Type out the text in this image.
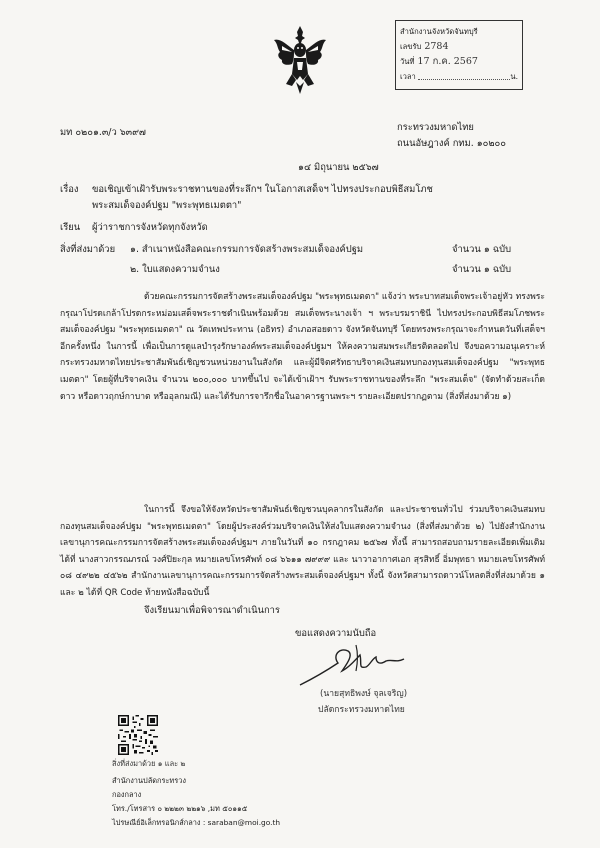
สำนักงานจังหวัดจันทบุรี
เลขรับ 2784
วันที่ 17 ก.ค. 2567
เวลา	น.
มท ๐๒๐๑.๓/ว ๖๓๙๗	กระทรวงมหาดไทย
ถนนอัษฎางค์ กทม. ๑๐๒๐๐
๑๔ มิถุนายน ๒๕๖๗
เรื่อง ขอเชิญเข้าเฝ้ารับพระราชทานของที่ระลึกฯ ในโอกาสเสด็จฯ ไปทรงประกอบพิธีสมโภช
พระสมเด็จองค์ปฐม "พระพุทธเมตตา"
เรียน ผู้ว่าราชการจังหวัดทุกจังหวัด
สิ่งที่ส่งมาด้วย ๑. สำเนาหนังสือคณะกรรมการจัดสร้างพระสมเด็จองค์ปฐม	จำนวน ๑ ฉบับ
๒. ใบแสดงความจำนง	จำนวน ๑ ฉบับ

ด้วยคณะกรรมการจัดสร้างพระสมเด็จองค์ปฐม "พระพุทธเมตตา" แจ้งว่า พระบาทสมเด็จพระเจ้าอยู่หัว ทรงพระกรุณาโปรดเกล้าโปรดกระหม่อมเสด็จพระราชดำเนินพร้อมด้วย สมเด็จพระนางเจ้า ฯ พระบรมราชินี ไปทรงประกอบพิธีสมโภชพระสมเด็จองค์ปฐม "พระพุทธเมตตา" ณ วัดเทพประทาน (อธิทร) อำเภอสอยดาว จังหวัดจันทบุรี โดยทรงพระกรุณาจะกำหนดวันที่เสด็จฯ อีกครั้งหนึ่ง ในการนี้ เพื่อเป็นการดูแลบำรุงรักษาองค์พระสมเด็จองค์ปฐมฯ ให้คงความสมพระเกียรติตลอดไป จึงขอความอนุเคราะห์กระทรวงมหาดไทยประชาสัมพันธ์เชิญชวนหน่วยงานในสังกัด และผู้มีจิตศรัทธาบริจาคเงินสมทบกองทุนสมเด็จองค์ปฐม "พระพุทธเมตตา" โดยผู้ที่บริจาคเงิน จำนวน ๒๐๐,๐๐๐ บาทขึ้นไป จะได้เข้าเฝ้าฯ รับพระราชทานของที่ระลึก "พระสมเด็จ" (จัดทำด้วยสะเก็ดดาว หรือดาวฤกษ์กาบาต หรืออุลกมณี) และได้รับการจารึกชื่อในอาคารฐานพระฯ รายละเอียดปรากฏตาม (สิ่งที่ส่งมาด้วย ๑)

ในการนี้ จึงขอให้จังหวัดประชาสัมพันธ์เชิญชวนบุคลากรในสังกัด และประชาชนทั่วไป ร่วมบริจาคเงินสมทบกองทุนสมเด็จองค์ปฐม "พระพุทธเมตตา" โดยผู้ประสงค์ร่วมบริจาคเงินให้ส่งใบแสดงความจำนง (สิ่งที่ส่งมาด้วย ๒) ไปยังสำนักงานเลขานุการคณะกรรมการจัดสร้างพระสมเด็จองค์ปฐมฯ ภายในวันที่ ๑๐ กรกฎาคม ๒๕๖๗ ทั้งนี้ สามารถสอบถามรายละเอียดเพิ่มเติมได้ที่ นางสาวกรรณภรณ์ วงศ์ปิยะกุล หมายเลขโทรศัพท์ ๐๘ ๖๖๑๑ ๗๙๙๙ และ นาวาอากาศเอก สุรสิทธิ์ อิ่มพุทธา หมายเลขโทรศัพท์ ๐๘ ๔๙๒๒ ๔๕๖๒ สำนักงานเลขานุการคณะกรรมการจัดสร้างพระสมเด็จองค์ปฐมฯ ทั้งนี้ จังหวัดสามารถดาวน์โหลดสิ่งที่ส่งมาด้วย ๑ และ ๒ ได้ที่ QR Code ท้ายหนังสือฉบับนี้

จึงเรียนมาเพื่อพิจารณาดำเนินการ
ขอแสดงความนับถือ
(นายสุทธิพงษ์ จุลเจริญ)
ปลัดกระทรวงมหาดไทย
สิ่งที่ส่งมาด้วย ๑ และ ๒
สำนักงานปลัดกระทรวง
กองกลาง
โทร./โทรสาร ๐ ๒๒๒๓ ๒๒๑๖ ,มท ๕๐๑๑๕
ไปรษณีย์อิเล็กทรอนิกส์กลาง : saraban@moi.go.th
